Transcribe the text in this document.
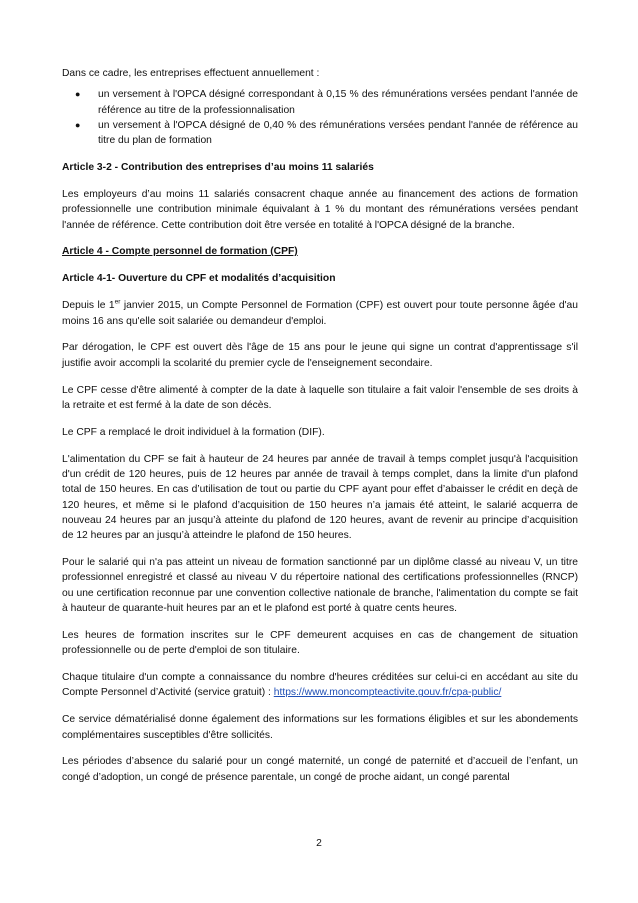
Dans ce cadre, les entreprises effectuent annuellement :

● un versement à l'OPCA désigné correspondant à 0,15 % des rémunérations versées pendant l'année de référence au titre de la professionnalisation
● un versement à l'OPCA désigné de 0,40 % des rémunérations versées pendant l'année de référence au titre du plan de formation

Article 3-2 - Contribution des entreprises d’au moins 11 salariés

Les employeurs d’au moins 11 salariés consacrent chaque année au financement des actions de formation professionnelle une contribution minimale équivalant à 1 % du montant des rémunérations versées pendant l'année de référence. Cette contribution doit être versée en totalité à l'OPCA désigné de la branche.

Article 4 - Compte personnel de formation (CPF)

Article 4-1- Ouverture du CPF et modalités d’acquisition

Depuis le 1er janvier 2015, un Compte Personnel de Formation (CPF) est ouvert pour toute personne âgée d'au moins 16 ans qu'elle soit salariée ou demandeur d'emploi.

Par dérogation, le CPF est ouvert dès l'âge de 15 ans pour le jeune qui signe un contrat d'apprentissage s'il justifie avoir accompli la scolarité du premier cycle de l'enseignement secondaire.

Le CPF cesse d'être alimenté à compter de la date à laquelle son titulaire a fait valoir l'ensemble de ses droits à la retraite et est fermé à la date de son décès.

Le CPF a remplacé le droit individuel à la formation (DIF).

L'alimentation du CPF se fait à hauteur de 24 heures par année de travail à temps complet jusqu'à l'acquisition d'un crédit de 120 heures, puis de 12 heures par année de travail à temps complet, dans la limite d'un plafond total de 150 heures. En cas d’utilisation de tout ou partie du CPF ayant pour effet d’abaisser le crédit en deçà de 120 heures, et même si le plafond d’acquisition de 150 heures n’a jamais été atteint, le salarié acquerra de nouveau 24 heures par an jusqu’à atteinte du plafond de 120 heures, avant de revenir au principe d’acquisition de 12 heures par an jusqu’à atteindre le plafond de 150 heures.

Pour le salarié qui n'a pas atteint un niveau de formation sanctionné par un diplôme classé au niveau V, un titre professionnel enregistré et classé au niveau V du répertoire national des certifications professionnelles (RNCP) ou une certification reconnue par une convention collective nationale de branche, l'alimentation du compte se fait à hauteur de quarante-huit heures par an et le plafond est porté à quatre cents heures.

Les heures de formation inscrites sur le CPF demeurent acquises en cas de changement de situation professionnelle ou de perte d'emploi de son titulaire.

Chaque titulaire d'un compte a connaissance du nombre d'heures créditées sur celui-ci en accédant au site du Compte Personnel d’Activité (service gratuit) : https://www.moncompteactivite.gouv.fr/cpa-public/

Ce service dématérialisé donne également des informations sur les formations éligibles et sur les abondements complémentaires susceptibles d'être sollicités.

Les périodes d’absence du salarié pour un congé maternité, un congé de paternité et d’accueil de l’enfant, un congé d’adoption, un congé de présence parentale, un congé de proche aidant, un congé parental

2
